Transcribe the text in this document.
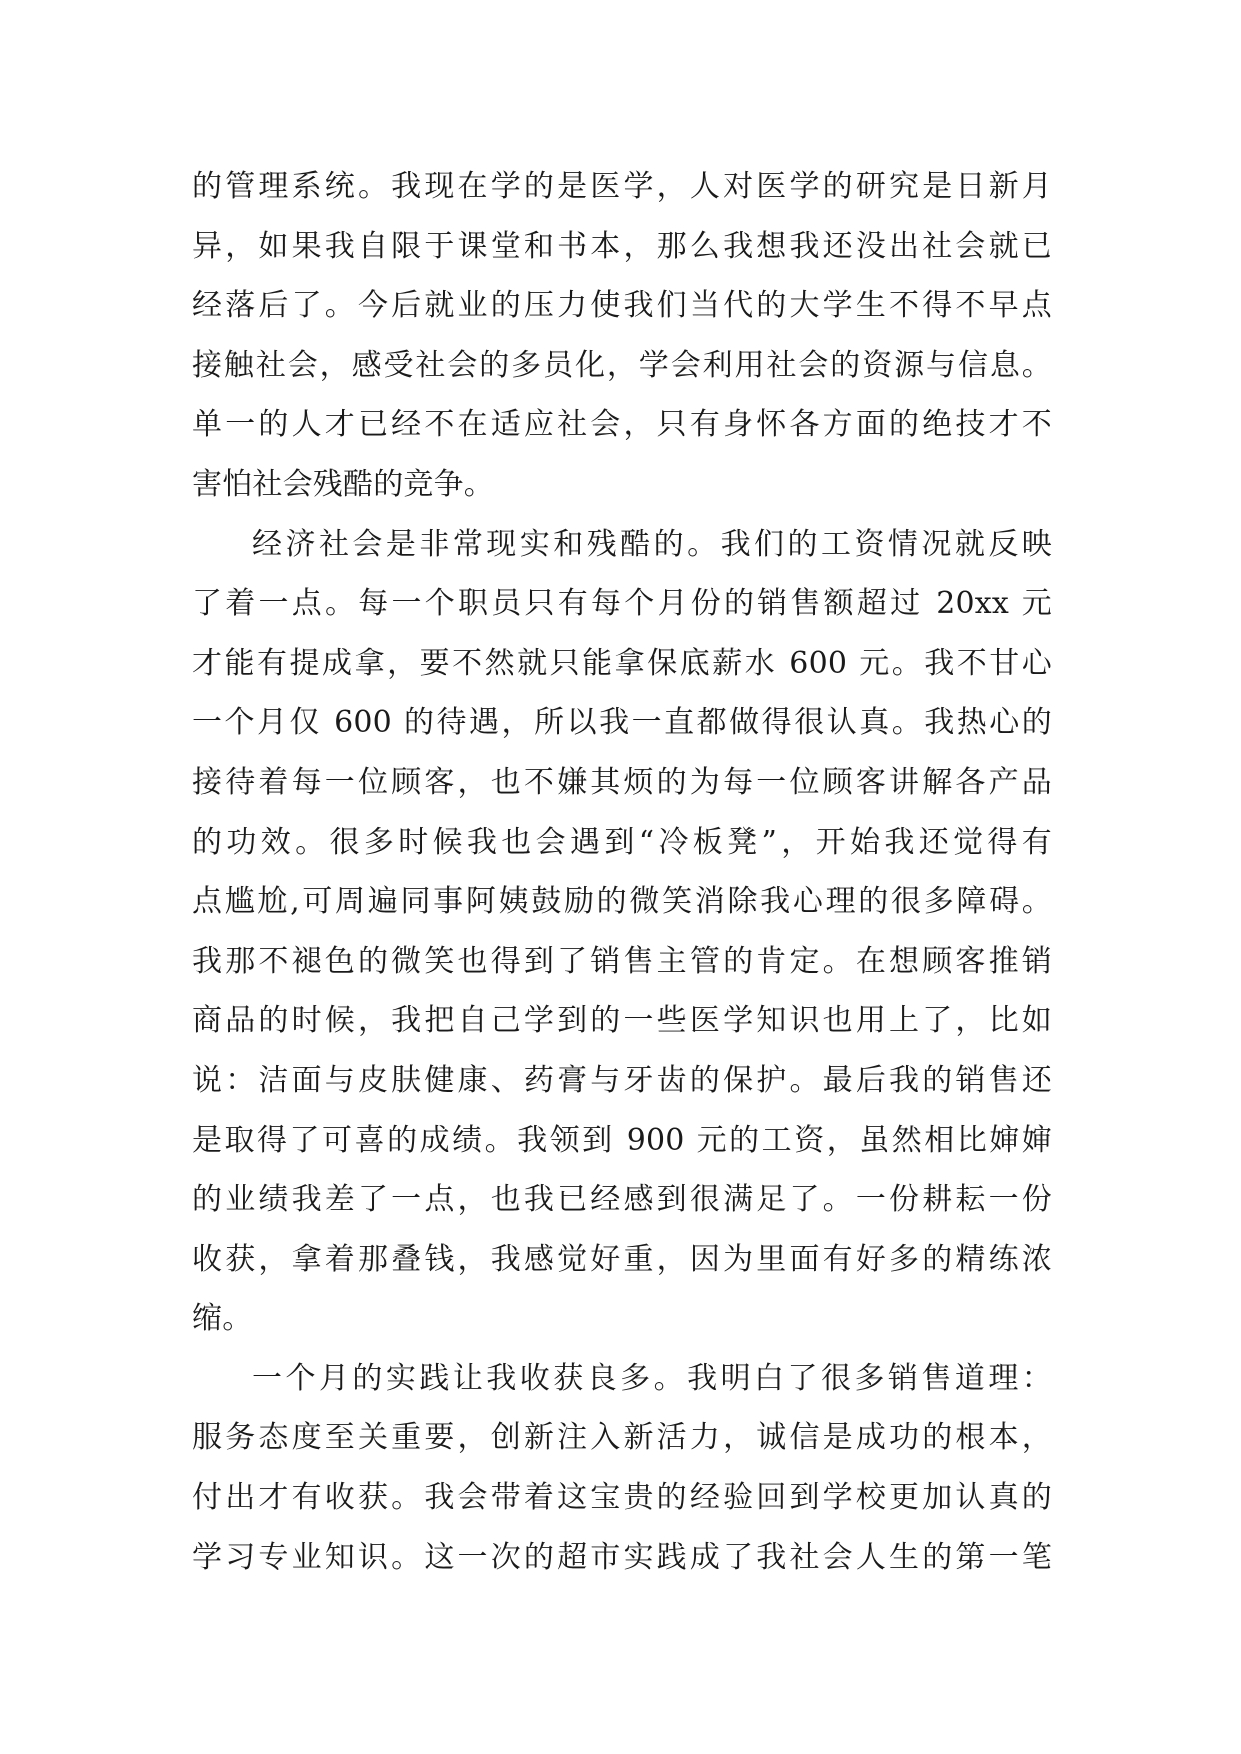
的管理系统。我现在学的是医学，人对医学的研究是日新月
异，如果我自限于课堂和书本，那么我想我还没出社会就已
经落后了。今后就业的压力使我们当代的大学生不得不早点
接触社会，感受社会的多员化，学会利用社会的资源与信息。
单一的人才已经不在适应社会，只有身怀各方面的绝技才不
害怕社会残酷的竞争。
经济社会是非常现实和残酷的。我们的工资情况就反映
了着一点。每一个职员只有每个月份的销售额超过 20xx 元
才能有提成拿，要不然就只能拿保底薪水 600 元。我不甘心
一个月仅 600 的待遇，所以我一直都做得很认真。我热心的
接待着每一位顾客，也不嫌其烦的为每一位顾客讲解各产品
的功效。很多时候我也会遇到“冷板凳”，开始我还觉得有
点尴尬,可周遍同事阿姨鼓励的微笑消除我心理的很多障碍。
我那不褪色的微笑也得到了销售主管的肯定。在想顾客推销
商品的时候，我把自己学到的一些医学知识也用上了，比如
说：洁面与皮肤健康、药膏与牙齿的保护。最后我的销售还
是取得了可喜的成绩。我领到 900 元的工资，虽然相比婶婶
的业绩我差了一点，也我已经感到很满足了。一份耕耘一份
收获，拿着那叠钱，我感觉好重，因为里面有好多的精练浓
缩。
一个月的实践让我收获良多。我明白了很多销售道理：
服务态度至关重要，创新注入新活力，诚信是成功的根本，
付出才有收获。我会带着这宝贵的经验回到学校更加认真的
学习专业知识。这一次的超市实践成了我社会人生的第一笔
